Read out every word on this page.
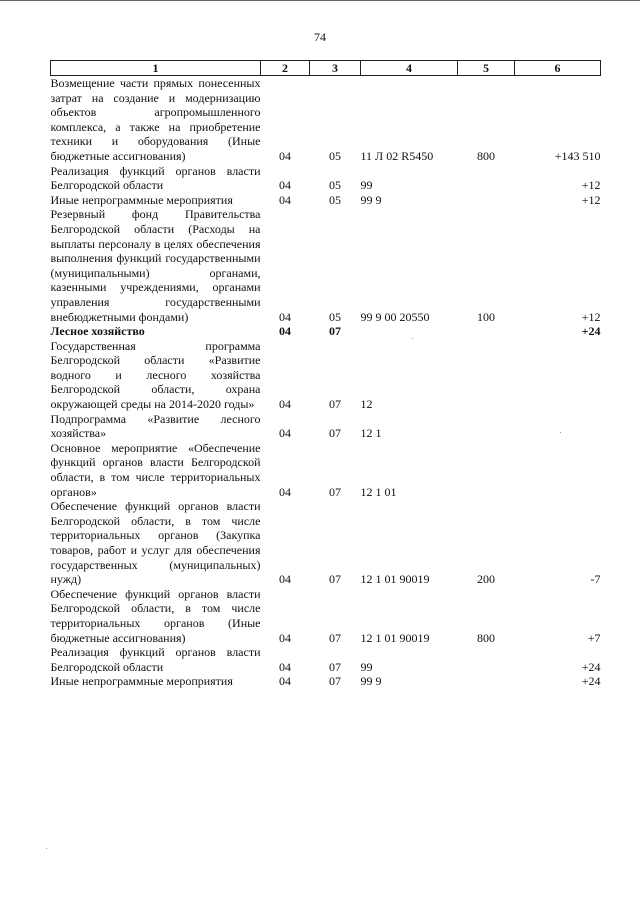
74
1	2	3	4	5	6
Возмещение части прямых понесенных затрат на создание и модернизацию объектов агропромышленного комплекса, а также на приобретение техники и оборудования (Иные бюджетные ассигнования)	04	05	11 Л 02 R5450	800	+143 510
Реализация функций органов власти Белгородской области	04	05	99		+12
Иные непрограммные мероприятия	04	05	99 9		+12
Резервный фонд Правительства Белгородской области (Расходы на выплаты персоналу в целях обеспечения выполнения функций государственными (муниципальными) органами, казенными учреждениями, органами управления государственными внебюджетными фондами)	04	05	99 9 00 20550	100	+12
Лесное хозяйство	04	07			+24
Государственная программа Белгородской области «Развитие водного и лесного хозяйства Белгородской области, охрана окружающей среды на 2014-2020 годы»	04	07	12		
Подпрограмма «Развитие лесного хозяйства»	04	07	12 1		
Основное мероприятие «Обеспечение функций органов власти Белгородской области, в том числе территориальных органов»	04	07	12 1 01		
Обеспечение функций органов власти Белгородской области, в том числе территориальных органов (Закупка товаров, работ и услуг для обеспечения государственных (муниципальных) нужд)	04	07	12 1 01 90019	200	-7
Обеспечение функций органов власти Белгородской области, в том числе территориальных органов (Иные бюджетные ассигнования)	04	07	12 1 01 90019	800	+7
Реализация функций органов власти Белгородской области	04	07	99		+24
Иные непрограммные мероприятия	04	07	99 9		+24
